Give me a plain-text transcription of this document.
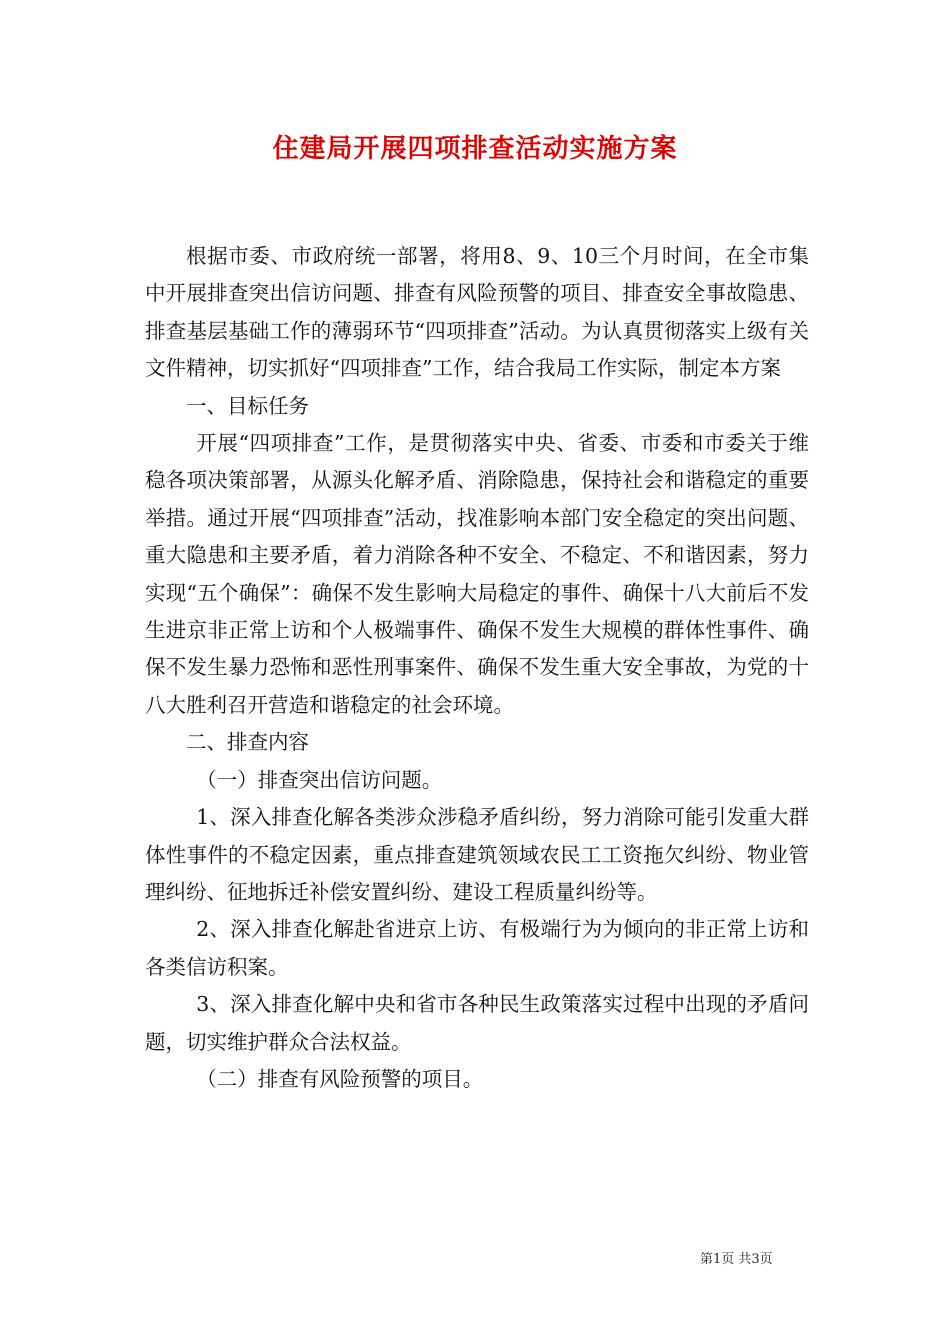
住建局开展四项排查活动实施方案

根据市委、市政府统一部署，将用8、9、10三个月时间，在全市集中开展排查突出信访问题、排查有风险预警的项目、排查安全事故隐患、排查基层基础工作的薄弱环节“四项排查”活动。为认真贯彻落实上级有关文件精神，切实抓好“四项排查”工作，结合我局工作实际，制定本方案

一、目标任务

开展“四项排查”工作，是贯彻落实中央、省委、市委和市委关于维稳各项决策部署，从源头化解矛盾、消除隐患，保持社会和谐稳定的重要举措。通过开展“四项排查”活动，找准影响本部门安全稳定的突出问题、重大隐患和主要矛盾，着力消除各种不安全、不稳定、不和谐因素，努力实现“五个确保”：确保不发生影响大局稳定的事件、确保十八大前后不发生进京非正常上访和个人极端事件、确保不发生大规模的群体性事件、确保不发生暴力恐怖和恶性刑事案件、确保不发生重大安全事故，为党的十八大胜利召开营造和谐稳定的社会环境。

二、排查内容

（一）排查突出信访问题。

1、深入排查化解各类涉众涉稳矛盾纠纷，努力消除可能引发重大群体性事件的不稳定因素，重点排查建筑领域农民工工资拖欠纠纷、物业管理纠纷、征地拆迁补偿安置纠纷、建设工程质量纠纷等。

2、深入排查化解赴省进京上访、有极端行为为倾向的非正常上访和各类信访积案。

3、深入排查化解中央和省市各种民生政策落实过程中出现的矛盾问题，切实维护群众合法权益。

（二）排查有风险预警的项目。

第1页 共3页
